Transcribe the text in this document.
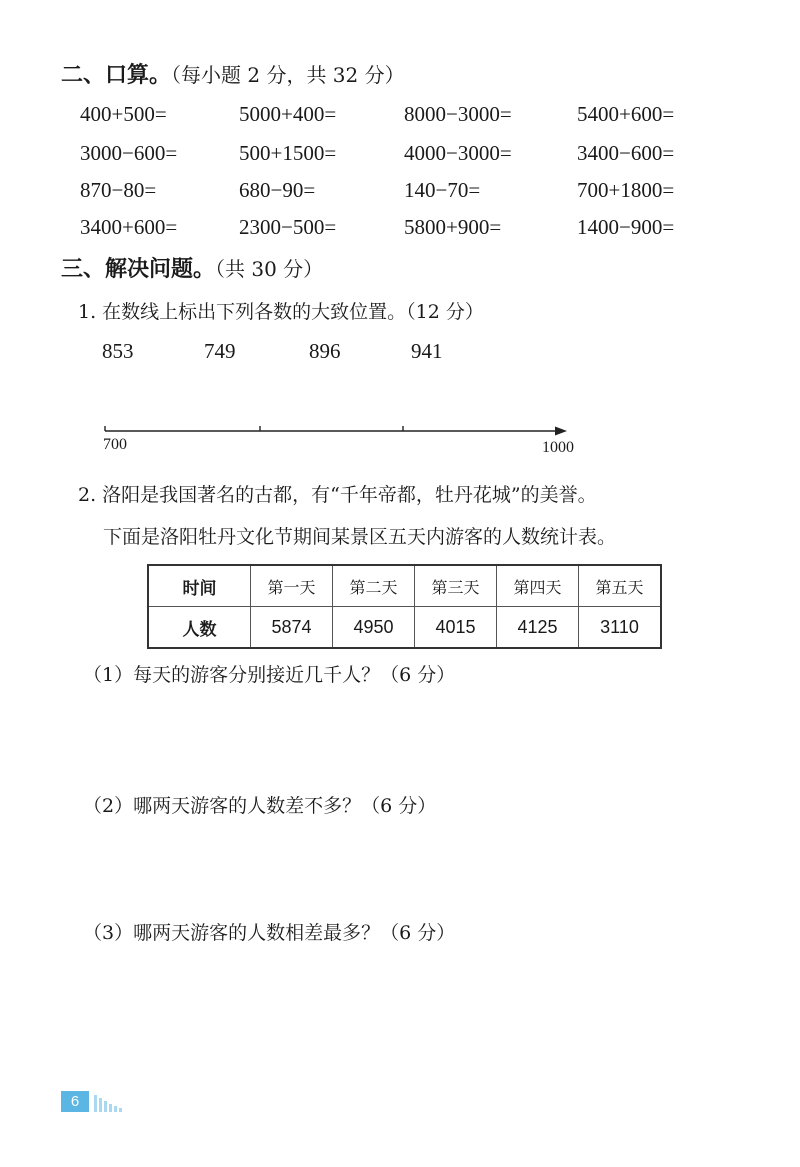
二、口算。（每小题 2 分，共 32 分）
400+500=	5000+400=	8000−3000=	5400+600=
3000−600=	500+1500=	4000−3000=	3400−600=
870−80=	680−90=	140−70=	700+1800=
3400+600=	2300−500=	5800+900=	1400−900=
三、解决问题。（共 30 分）
1. 在数线上标出下列各数的大致位置。（12 分）
853	749	896	941
700	1000
2. 洛阳是我国著名的古都，有“千年帝都，牡丹花城”的美誉。
下面是洛阳牡丹文化节期间某景区五天内游客的人数统计表。
时间	第一天	第二天	第三天	第四天	第五天
人数	5874	4950	4015	4125	3110
（1）每天的游客分别接近几千人？（6 分）
（2）哪两天游客的人数差不多？（6 分）
（3）哪两天游客的人数相差最多？（6 分）
6
